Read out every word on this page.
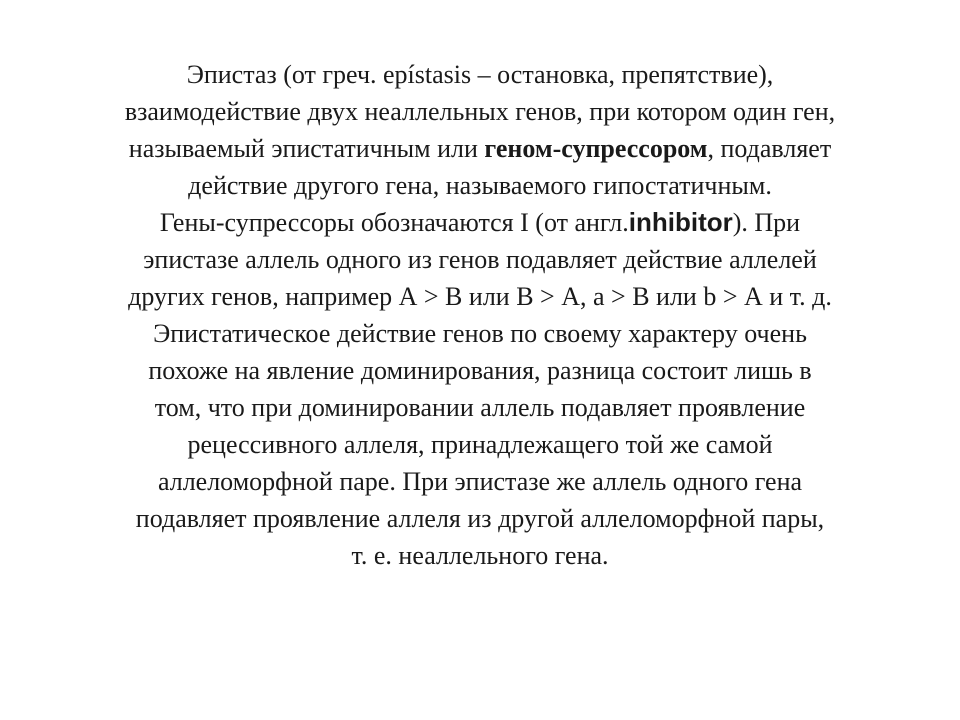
Эпистаз (от греч. epístasis – остановка, препятствие),
взаимодействие двух неаллельных генов, при котором один ген,
называемый эпистатичным или геном-супрессором, подавляет
действие другого гена, называемого гипостатичным.
Гены-супрессоры обозначаются I (от англ.inhibitor). При
эпистазе аллель одного из генов подавляет действие аллелей
других генов, например А > В или В > А, а > В или b > А и т. д.
Эпистатическое действие генов по своему характеру очень
похоже на явление доминирования, разница состоит лишь в
том, что при доминировании аллель подавляет проявление
рецессивного аллеля, принадлежащего той же самой
аллеломорфной паре. При эпистазе же аллель одного гена
подавляет проявление аллеля из другой аллеломорфной пары,
т. е. неаллельного гена.
